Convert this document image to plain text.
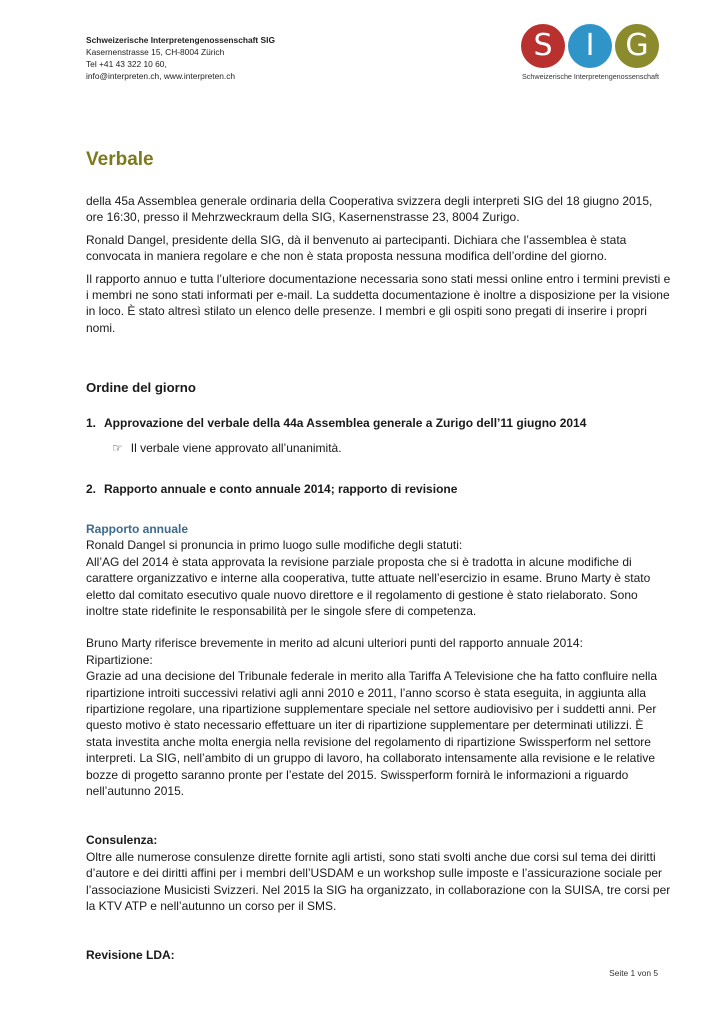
Schweizerische Interpretengenossenschaft SIG
Kasernenstrasse 15, CH-8004 Zürich
Tel +41 43 322 10 60,
info@interpreten.ch, www.interpreten.ch
S	I	G
Schweizerische Interpretengenossenschaft
Verbale

della 45a Assemblea generale ordinaria della Cooperativa svizzera degli interpreti SIG del 18 giugno 2015, ore 16:30, presso il Mehrzweckraum della SIG, Kasernenstrasse 23, 8004 Zurigo.

Ronald Dangel, presidente della SIG, dà il benvenuto ai partecipanti. Dichiara che l’assemblea è stata convocata in maniera regolare e che non è stata proposta nessuna modifica dell’ordine del giorno.

Il rapporto annuo e tutta l’ulteriore documentazione necessaria sono stati messi online entro i termini previsti e i membri ne sono stati informati per e-mail. La suddetta documentazione è inoltre a disposizione per la visione in loco. È stato altresì stilato un elenco delle presenze. I membri e gli ospiti sono pregati di inserire i propri nomi.

Ordine del giorno
1. Approvazione del verbale della 44a Assemblea generale a Zurigo dell’11 giugno 2014
☞ Il verbale viene approvato all’unanimità.
2. Rapporto annuale e conto annuale 2014; rapporto di revisione
Rapporto annuale
Ronald Dangel si pronuncia in primo luogo sulle modifiche degli statuti:
All’AG del 2014 è stata approvata la revisione parziale proposta che si è tradotta in alcune modifiche di carattere organizzativo e interne alla cooperativa, tutte attuate nell’esercizio in esame. Bruno Marty è stato eletto dal comitato esecutivo quale nuovo direttore e il regolamento di gestione è stato rielaborato. Sono inoltre state ridefinite le responsabilità per le singole sfere di competenza.
Bruno Marty riferisce brevemente in merito ad alcuni ulteriori punti del rapporto annuale 2014:
Ripartizione:
Grazie ad una decisione del Tribunale federale in merito alla Tariffa A Televisione che ha fatto confluire nella ripartizione introiti successivi relativi agli anni 2010 e 2011, l’anno scorso è stata eseguita, in aggiunta alla ripartizione regolare, una ripartizione supplementare speciale nel settore audiovisivo per i suddetti anni. Per questo motivo è stato necessario effettuare un iter di ripartizione supplementare per determinati utilizzi. È stata investita anche molta energia nella revisione del regolamento di ripartizione Swissperform nel settore interpreti. La SIG, nell’ambito di un gruppo di lavoro, ha collaborato intensamente alla revisione e le relative bozze di progetto saranno pronte per l’estate del 2015. Swissperform fornirà le informazioni a riguardo nell’autunno 2015.
Consulenza:
Oltre alle numerose consulenze dirette fornite agli artisti, sono stati svolti anche due corsi sul tema dei diritti d’autore e dei diritti affini per i membri dell’USDAM e un workshop sulle imposte e l’assicurazione sociale per l’associazione Musicisti Svizzeri. Nel 2015 la SIG ha organizzato, in collaborazione con la SUISA, tre corsi per la KTV ATP e nell’autunno un corso per il SMS.
Revisione LDA:
Seite 1 von 5
